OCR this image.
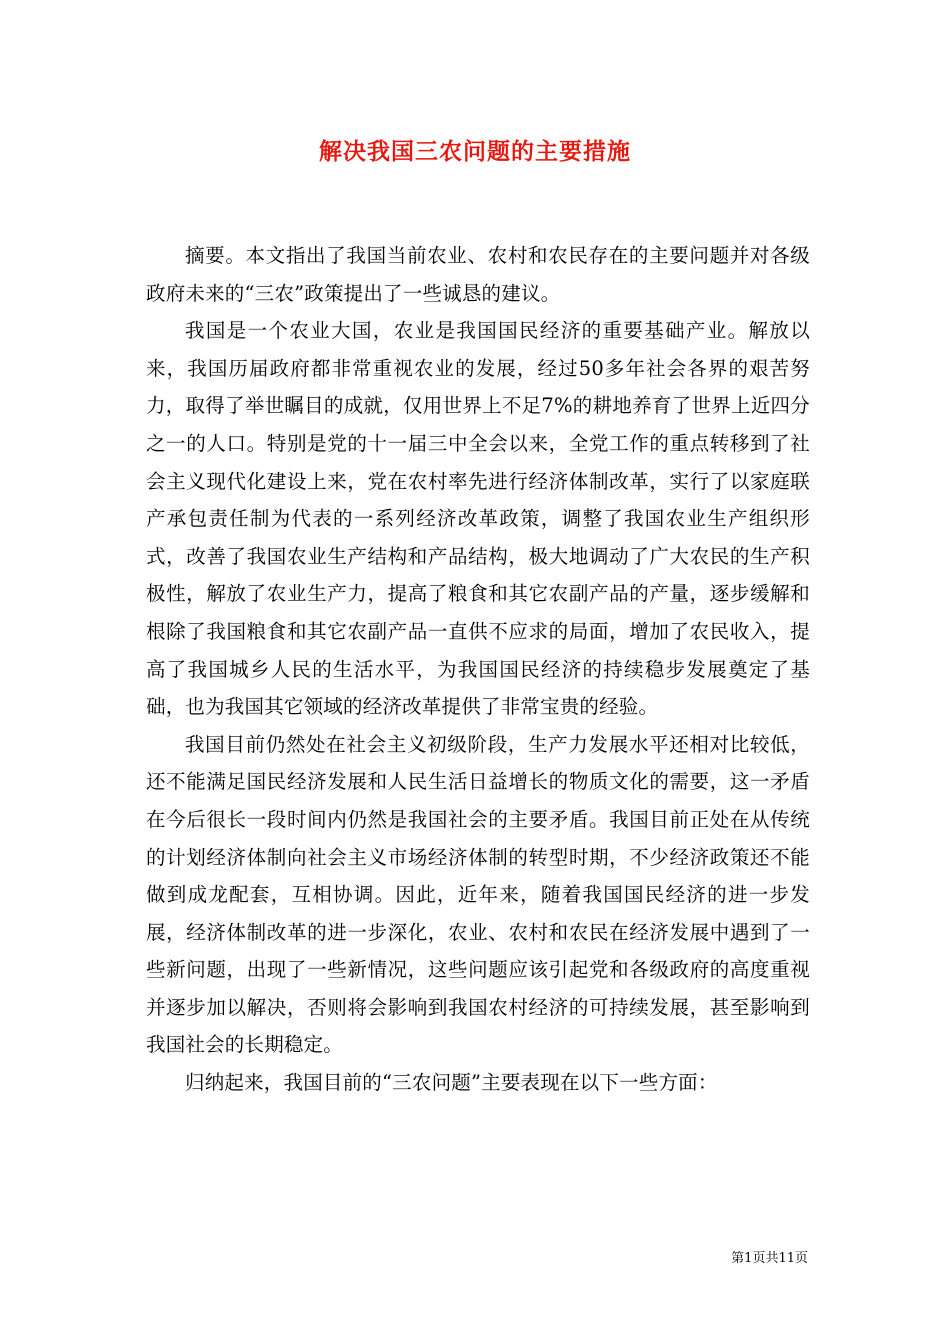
解决我国三农问题的主要措施

摘要。本文指出了我国当前农业、农村和农民存在的主要问题并对各级政府未来的“三农”政策提出了一些诚恳的建议。

我国是一个农业大国，农业是我国国民经济的重要基础产业。解放以来，我国历届政府都非常重视农业的发展，经过50多年社会各界的艰苦努力，取得了举世瞩目的成就，仅用世界上不足7%的耕地养育了世界上近四分之一的人口。特别是党的十一届三中全会以来，全党工作的重点转移到了社会主义现代化建设上来，党在农村率先进行经济体制改革，实行了以家庭联产承包责任制为代表的一系列经济改革政策，调整了我国农业生产组织形式，改善了我国农业生产结构和产品结构，极大地调动了广大农民的生产积极性，解放了农业生产力，提高了粮食和其它农副产品的产量，逐步缓解和根除了我国粮食和其它农副产品一直供不应求的局面，增加了农民收入，提高了我国城乡人民的生活水平，为我国国民经济的持续稳步发展奠定了基础，也为我国其它领域的经济改革提供了非常宝贵的经验。

我国目前仍然处在社会主义初级阶段，生产力发展水平还相对比较低，还不能满足国民经济发展和人民生活日益增长的物质文化的需要，这一矛盾在今后很长一段时间内仍然是我国社会的主要矛盾。我国目前正处在从传统的计划经济体制向社会主义市场经济体制的转型时期，不少经济政策还不能做到成龙配套，互相协调。因此，近年来，随着我国国民经济的进一步发展，经济体制改革的进一步深化，农业、农村和农民在经济发展中遇到了一些新问题，出现了一些新情况，这些问题应该引起党和各级政府的高度重视并逐步加以解决，否则将会影响到我国农村经济的可持续发展，甚至影响到我国社会的长期稳定。

归纳起来，我国目前的“三农问题”主要表现在以下一些方面：

第1页共11页
